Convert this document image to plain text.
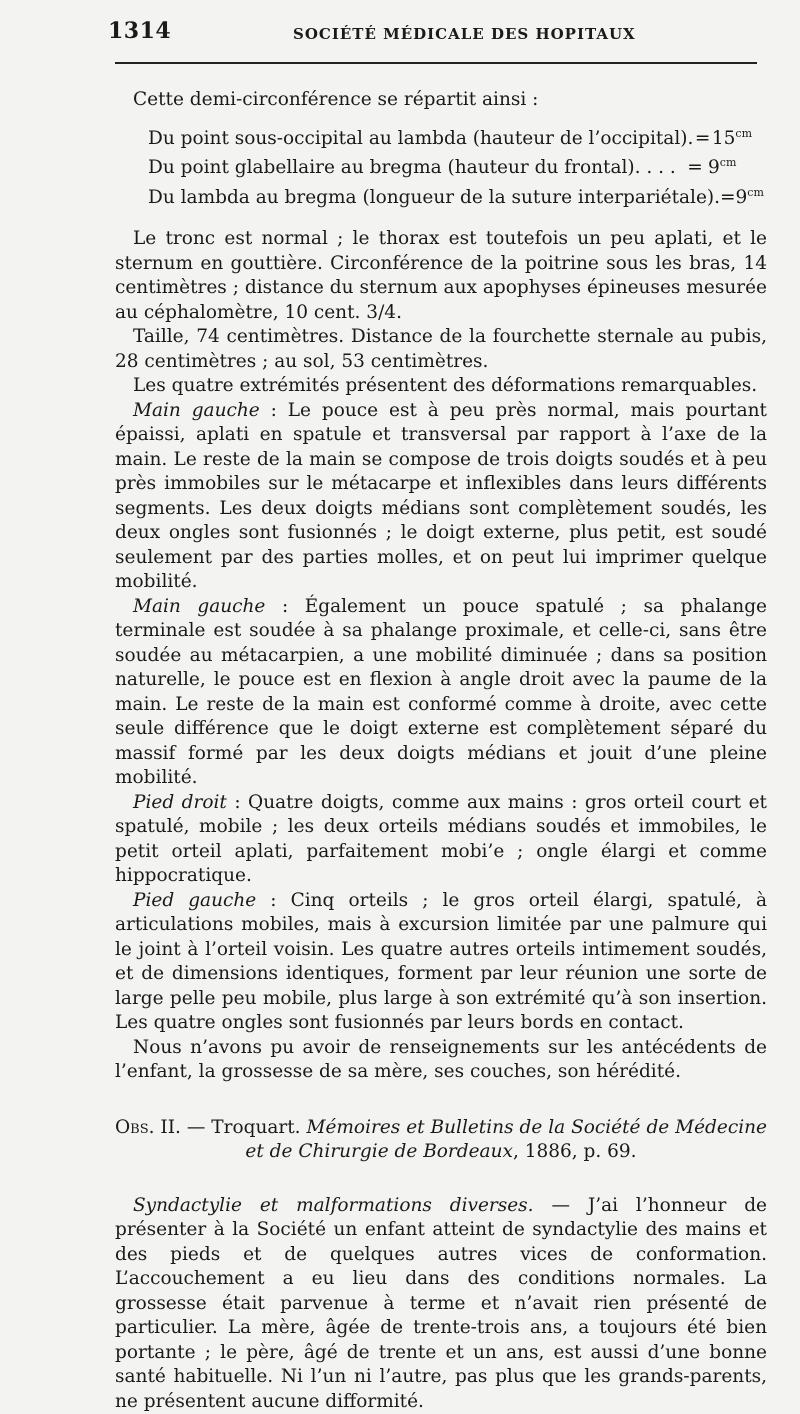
1314	SOCIÉTÉ MÉDICALE DES HOPITAUX

Cette demi-circonférence se répartit ainsi :

Du point sous-occipital au lambda (hauteur de l’occipital). = $15^{cm}$
Du point glabellaire au bregma (hauteur du frontal). . . . = $9^{cm}$
Du lambda au bregma (longueur de la suture interpariétale). = $9^{cm}$

Le tronc est normal ; le thorax est toutefois un peu aplati, et le sternum en gouttière. Circonférence de la poitrine sous les bras, 14 centimètres ; distance du sternum aux apophyses épineuses mesurée au céphalomètre, 10 cent. 3/4.

Taille, 74 centimètres. Distance de la fourchette sternale au pubis, 28 centimètres ; au sol, 53 centimètres.

Les quatre extrémités présentent des déformations remarquables.

Main gauche : Le pouce est à peu près normal, mais pourtant épaissi, aplati en spatule et transversal par rapport à l’axe de la main. Le reste de la main se compose de trois doigts soudés et à peu près immobiles sur le métacarpe et inflexibles dans leurs différents segments. Les deux doigts médians sont complètement soudés, les deux ongles sont fusionnés ; le doigt externe, plus petit, est soudé seulement par des parties molles, et on peut lui imprimer quelque mobilité.

Main gauche : Également un pouce spatulé ; sa phalange terminale est soudée à sa phalange proximale, et celle-ci, sans être soudée au métacarpien, a une mobilité diminuée ; dans sa position naturelle, le pouce est en flexion à angle droit avec la paume de la main. Le reste de la main est conformé comme à droite, avec cette seule différence que le doigt externe est complètement séparé du massif formé par les deux doigts médians et jouit d’une pleine mobilité.

Pied droit : Quatre doigts, comme aux mains : gros orteil court et spatulé, mobile ; les deux orteils médians soudés et immobiles, le petit orteil aplati, parfaitement mobi’e ; ongle élargi et comme hippocratique.

Pied gauche : Cinq orteils ; le gros orteil élargi, spatulé, à articulations mobiles, mais à excursion limitée par une palmure qui le joint à l’orteil voisin. Les quatre autres orteils intimement soudés, et de dimensions identiques, forment par leur réunion une sorte de large pelle peu mobile, plus large à son extrémité qu’à son insertion. Les quatre ongles sont fusionnés par leurs bords en contact.

Nous n’avons pu avoir de renseignements sur les antécédents de l’enfant, la grossesse de sa mère, ses couches, son hérédité.

Obs. II. — Troquart. Mémoires et Bulletins de la Société de Médecine et de Chirurgie de Bordeaux, 1886, p. 69.

Syndactylie et malformations diverses. — J’ai l’honneur de présenter à la Société un enfant atteint de syndactylie des mains et des pieds et de quelques autres vices de conformation. L’accouchement a eu lieu dans des conditions normales. La grossesse était parvenue à terme et n’avait rien présenté de particulier. La mère, âgée de trente-trois ans, a toujours été bien portante ; le père, âgé de trente et un ans, est aussi d’une bonne santé habituelle. Ni l’un ni l’autre, pas plus que les grands-parents, ne présentent aucune difformité.
